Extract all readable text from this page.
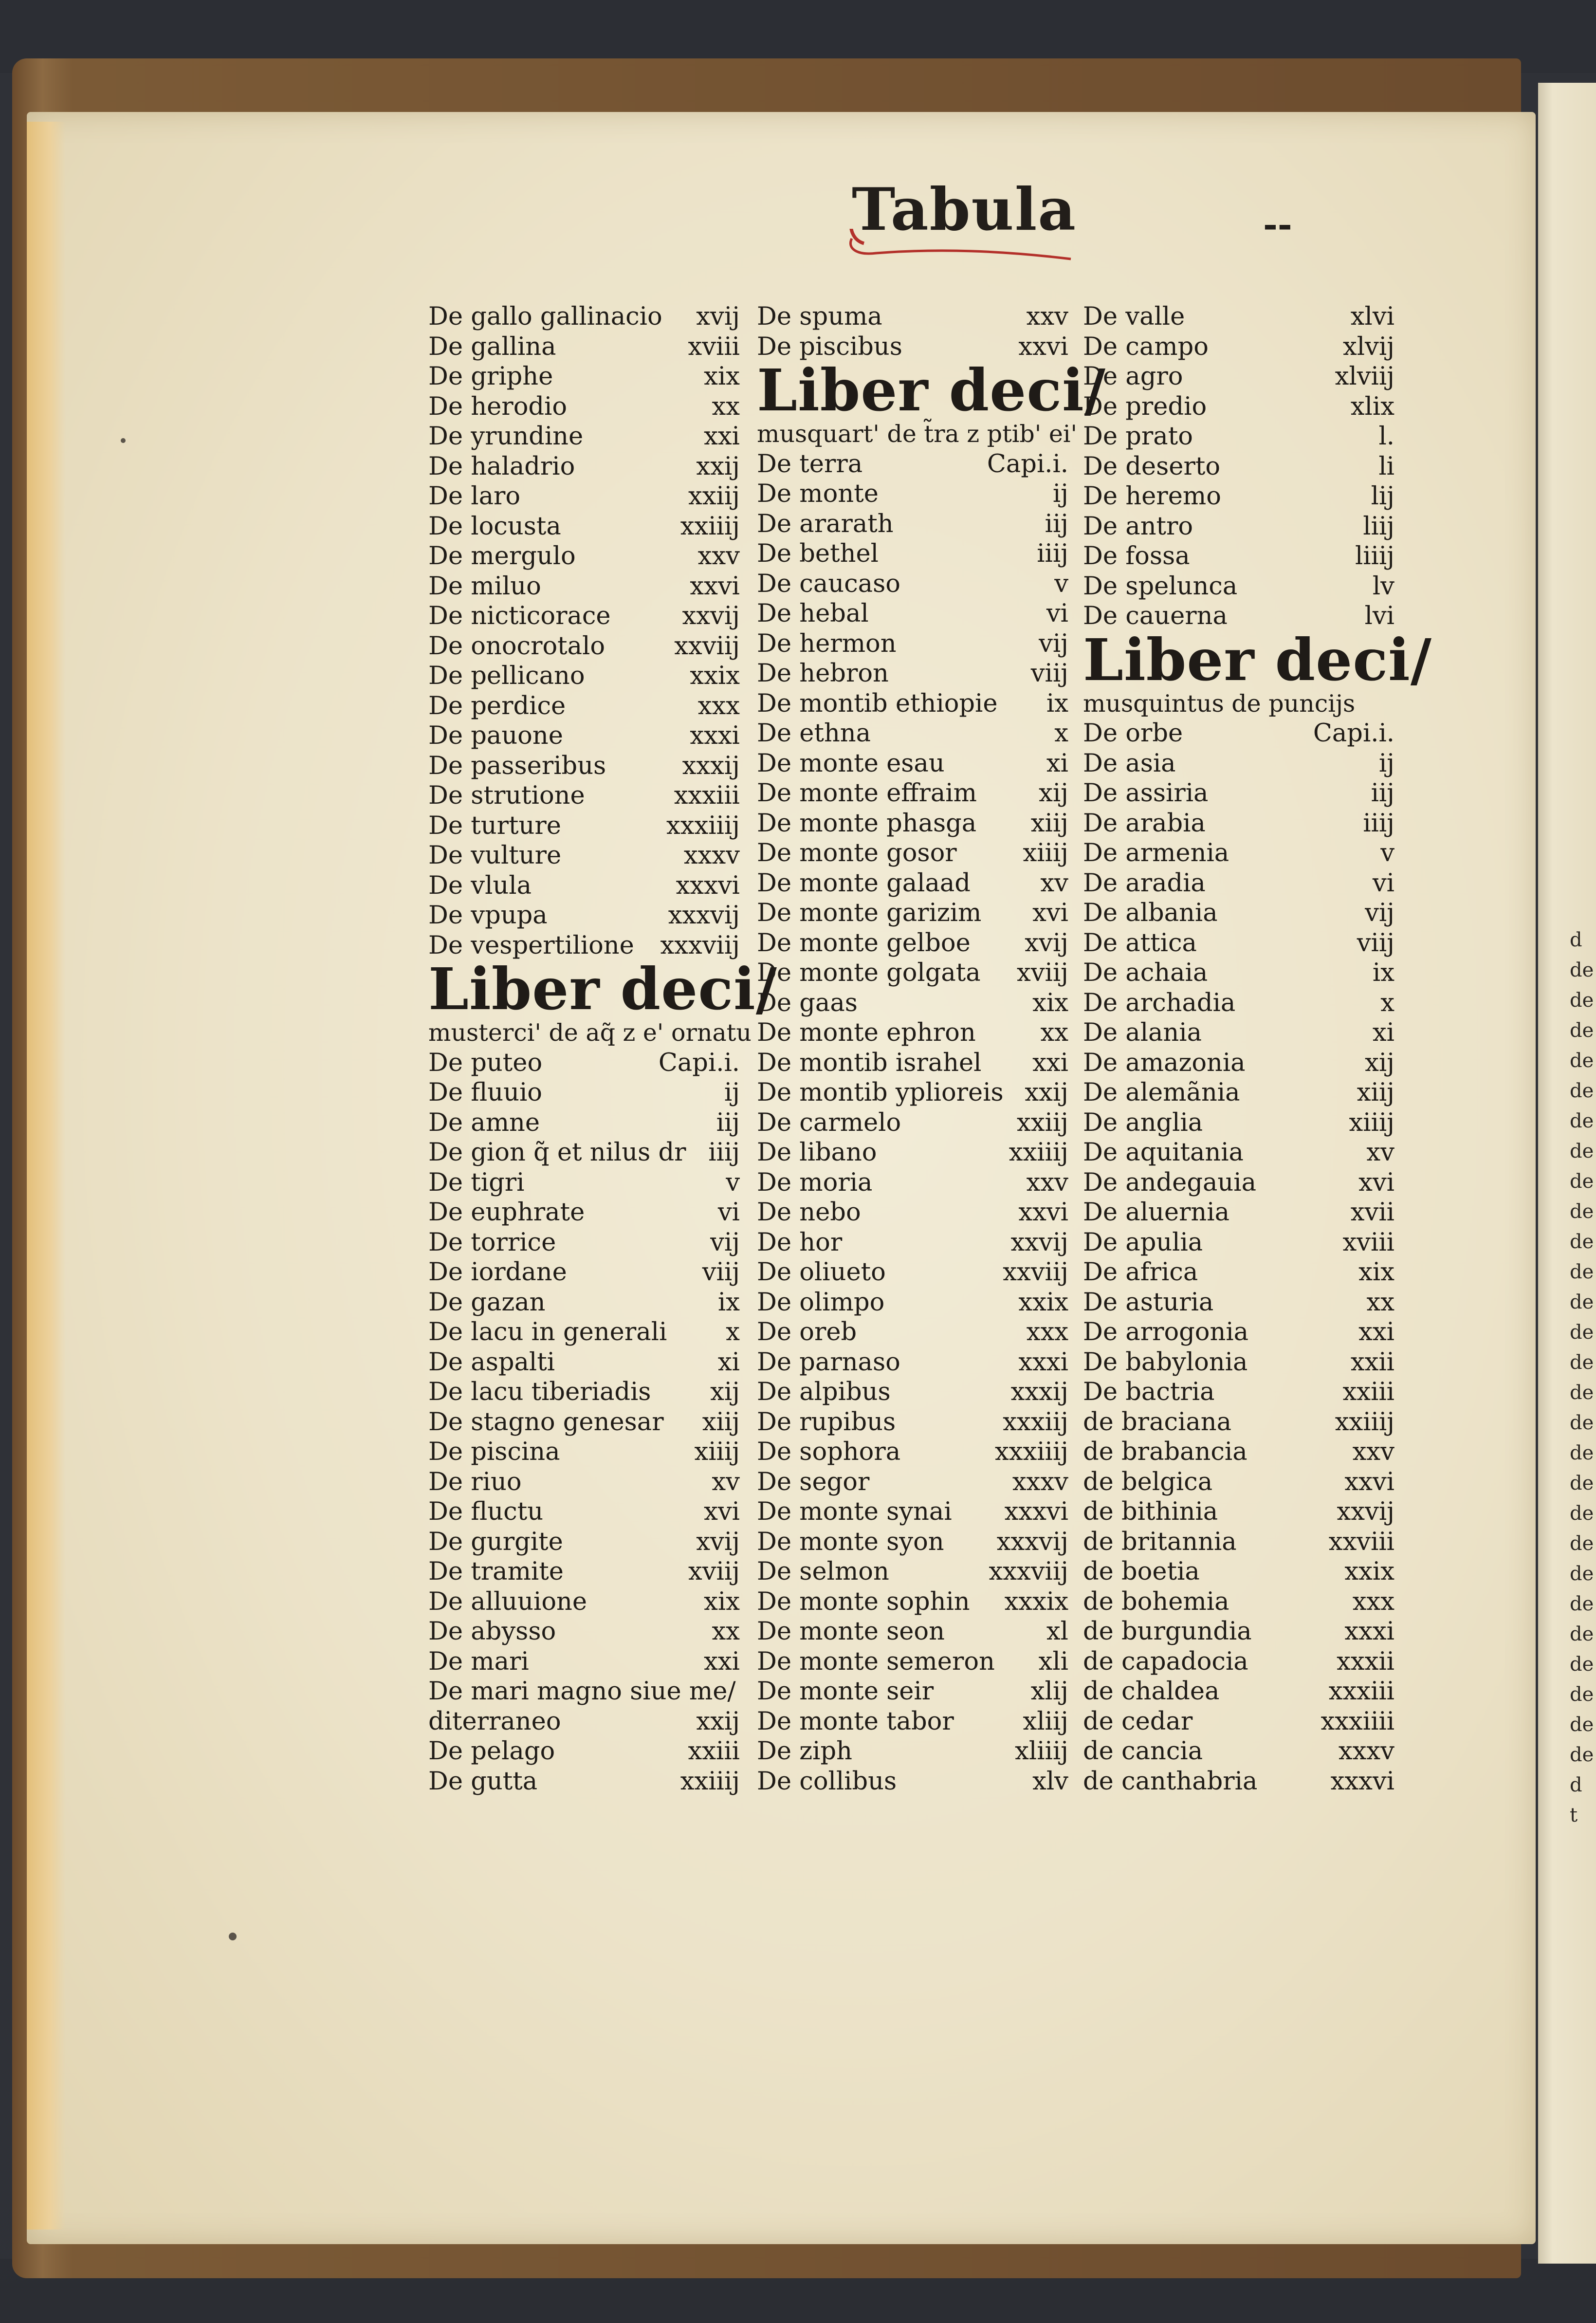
d
de
de
de
de
de
de
de
de
de
de
de
de
de
de
de
de
de
de
de
de
de
de
de
de
de
de
de
d
t
Tabula	--
De gallo gallinacio xvij
De gallina	xviii
De griphe	xix
De herodio	xx
De yrundine	xxi
De haladrio	xxij
De laro	xxiij
De locusta	xxiiij
De mergulo	xxv
De miluo	xxvi
De nicticorace	xxvij
De onocrotalo	xxviij
De pellicano	xxix
De perdice	xxx
De pauone	xxxi
De passeribus	xxxij
De strutione	xxxiii
De turture	xxxiiij
De vulture	xxxv
De vlula	xxxvi
De vpupa	xxxvij
De vespertilione xxxviij
Liber deci/
musterci' de aq̃ z e' ornatu
De puteo	Capi.i.
De fluuio	ij
De amne	iij
De gion q̃ et nilus dr iiij
De tigri	v
De euphrate	vi
De torrice	vij
De iordane	viij
De gazan	ix
De lacu in generali x
De aspalti	xi
De lacu tiberiadis xij
De stagno genesar xiij
De piscina	xiiij
De riuo	xv
De fluctu	xvi
De gurgite	xvij
De tramite	xviij
De alluuione	xix
De abysso	xx
De mari	xxi
De mari magno siue me/
diterraneo	xxij
De pelago	xxiii
De gutta	xxiiij
De spuma	xxv
De piscibus	xxvi
Liber deci/
musquart' de t̃ra z ptib' ei'
De terra	Capi.i.
De monte	ij
De ararath	iij
De bethel	iiij
De caucaso	v
De hebal	vi
De hermon	vij
De hebron	viij
De montib ethiopie ix
De ethna	x
De monte esau	xi
De monte effraim xij
De monte phasga xiij
De monte gosor	xiiij
De monte galaad	xv
De monte garizim xvi
De monte gelboe xvij
De monte golgata xviij
De gaas	xix
De monte ephron	xx
De montib israhel xxi
De montib yplioreis xxij
De carmelo	xxiij
De libano	xxiiij
De moria	xxv
De nebo	xxvi
De hor	xxvij
De oliueto	xxviij
De olimpo	xxix
De oreb	xxx
De parnaso	xxxi
De alpibus	xxxij
De rupibus	xxxiij
De sophora	xxxiiij
De segor	xxxv
De monte synai xxxvi
De monte syon xxxvij
De selmon	xxxviij
De monte sophin xxxix
De monte seon	xl
De monte semeron xli
De monte seir	xlij
De monte tabor	xliij
De ziph	xliiij
De collibus	xlv
De valle	xlvi
De campo	xlvij
De agro	xlviij
De predio	xlix
De prato	l.
De deserto	li
De heremo	lij
De antro	liij
De fossa	liiij
De spelunca	lv
De cauerna	lvi
Liber deci/
musquintus de puncijs
De orbe	Capi.i.
De asia	ij
De assiria	iij
De arabia	iiij
De armenia	v
De aradia	vi
De albania	vij
De attica	viij
De achaia	ix
De archadia	x
De alania	xi
De amazonia	xij
De alemãnia	xiij
De anglia	xiiij
De aquitania	xv
De andegauia	xvi
De aluernia	xvii
De apulia	xviii
De africa	xix
De asturia	xx
De arrogonia	xxi
De babylonia	xxii
De bactria	xxiii
de braciana	xxiiij
de brabancia	xxv
de belgica	xxvi
de bithinia	xxvij
de britannia	xxviii
de boetia	xxix
de bohemia	xxx
de burgundia	xxxi
de capadocia	xxxii
de chaldea	xxxiii
de cedar	xxxiiii
de cancia	xxxv
de canthabria	xxxvi
